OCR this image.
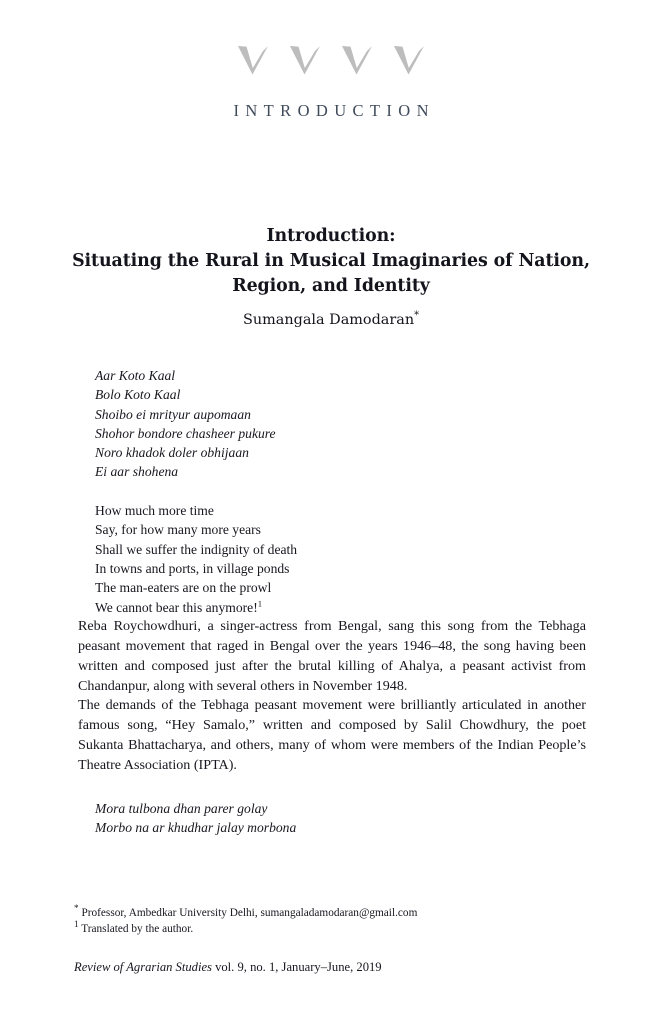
INTRODUCTION
Introduction:
Situating the Rural in Musical Imaginaries of Nation,
Region, and Identity
Sumangala Damodaran*
Aar Koto Kaal
Bolo Koto Kaal
Shoibo ei mrityur aupomaan
Shohor bondore chasheer pukure
Noro khadok doler obhijaan
Ei aar shohena
How much more time
Say, for how many more years
Shall we suffer the indignity of death
In towns and ports, in village ponds
The man-eaters are on the prowl
We cannot bear this anymore!$^1$

Reba Roychowdhuri, a singer-actress from Bengal, sang this song from the Tebhaga peasant movement that raged in Bengal over the years 1946–48, the song having been written and composed just after the brutal killing of Ahalya, a peasant activist from Chandanpur, along with several others in November 1948.

The demands of the Tebhaga peasant movement were brilliantly articulated in another famous song, “Hey Samalo,” written and composed by Salil Chowdhury, the poet Sukanta Bhattacharya, and others, many of whom were members of the Indian People’s Theatre Association (IPTA).

Mora tulbona dhan parer golay
Morbo na ar khudhar jalay morbona
* Professor, Ambedkar University Delhi, sumangaladamodaran@gmail.com
$^1$ Translated by the author.
Review of Agrarian Studies vol. 9, no. 1, January–June, 2019
